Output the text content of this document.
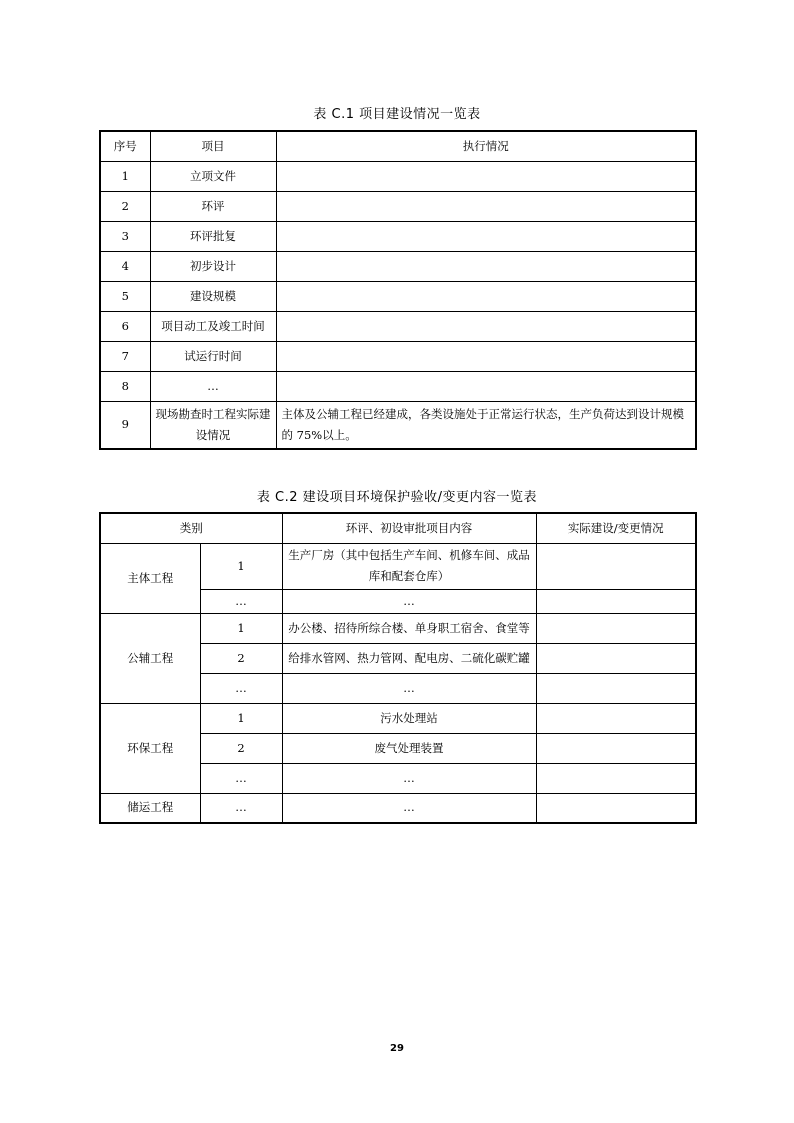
表 C.1 项目建设情况一览表
序号	项目	执行情况
1	立项文件	
2	环评	
3	环评批复	
4	初步设计	
5	建设规模	
6	项目动工及竣工时间	
7	试运行时间	
8	…	
9	现场勘查时工程实际建设情况	主体及公辅工程已经建成，各类设施处于正常运行状态，生产负荷达到设计规模的 75%以上。
表 C.2 建设项目环境保护验收/变更内容一览表
类别		环评、初设审批项目内容	实际建设/变更情况
主体工程	1	生产厂房（其中包括生产车间、机修车间、成品库和配套仓库）	
	…	…	
公辅工程	1	办公楼、招待所综合楼、单身职工宿舍、食堂等	
	2	给排水管网、热力管网、配电房、二硫化碳贮罐	
	…	…	
环保工程	1	污水处理站	
	2	废气处理装置	
	…	…	
储运工程	…	…	
29
